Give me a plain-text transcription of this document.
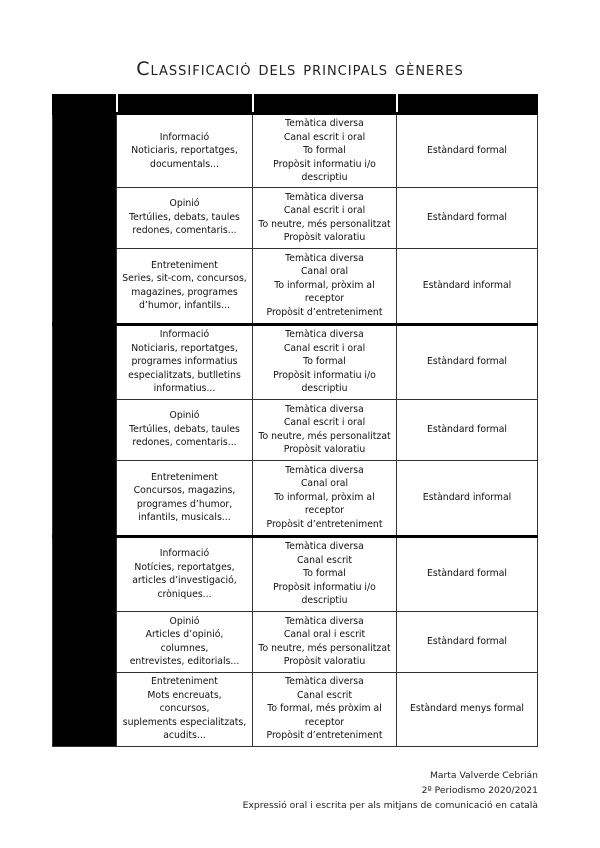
Classificació dels principals gèneres

	Informació
Noticiaris, reportatges,
documentals...	Temàtica diversa
Canal escrit i oral
To formal
Propòsit informatiu i/o
descriptiu	Estàndard formal

	Opinió
Tertúlies, debats, taules
redones, comentaris...	Temàtica diversa
Canal escrit i oral
To neutre, més personalitzat
Propòsit valoratiu	Estàndard formal

	Entreteniment
Series, sit-com, concursos,
magazines, programes
d’humor, infantils...	Temàtica diversa
Canal oral
To informal, pròxim al
receptor
Propòsit d’entreteniment	Estàndard informal

	Informació
Noticiaris, reportatges,
programes informatius
especialitzats, butlletins
informatius...	Temàtica diversa
Canal escrit i oral
To formal
Propòsit informatiu i/o
descriptiu	Estàndard formal

	Opinió
Tertúlies, debats, taules
redones, comentaris...	Temàtica diversa
Canal escrit i oral
To neutre, més personalitzat
Propòsit valoratiu	Estàndard formal

	Entreteniment
Concursos, magazins,
programes d’humor,
infantils, musicals...	Temàtica diversa
Canal oral
To informal, pròxim al
receptor
Propòsit d’entreteniment	Estàndard informal

	Informació
Notícies, reportatges,
articles d’investigació,
cròniques...	Temàtica diversa
Canal escrit
To formal
Propòsit informatiu i/o
descriptiu	Estàndard formal

	Opinió
Articles d’opinió, columnes,
entrevistes, editorials...	Temàtica diversa
Canal oral i escrit
To neutre, més personalitzat
Propòsit valoratiu	Estàndard formal

	Entreteniment
Mots encreuats, concursos,
suplements especialitzats,
acudits...	Temàtica diversa
Canal escrit
To formal, més pròxim al
receptor
Propòsit d’entreteniment	Estàndard menys formal
Marta Valverde Cebrián
2º Periodismo 2020/2021
Expressió oral i escrita per als mitjans de comunicació en català
